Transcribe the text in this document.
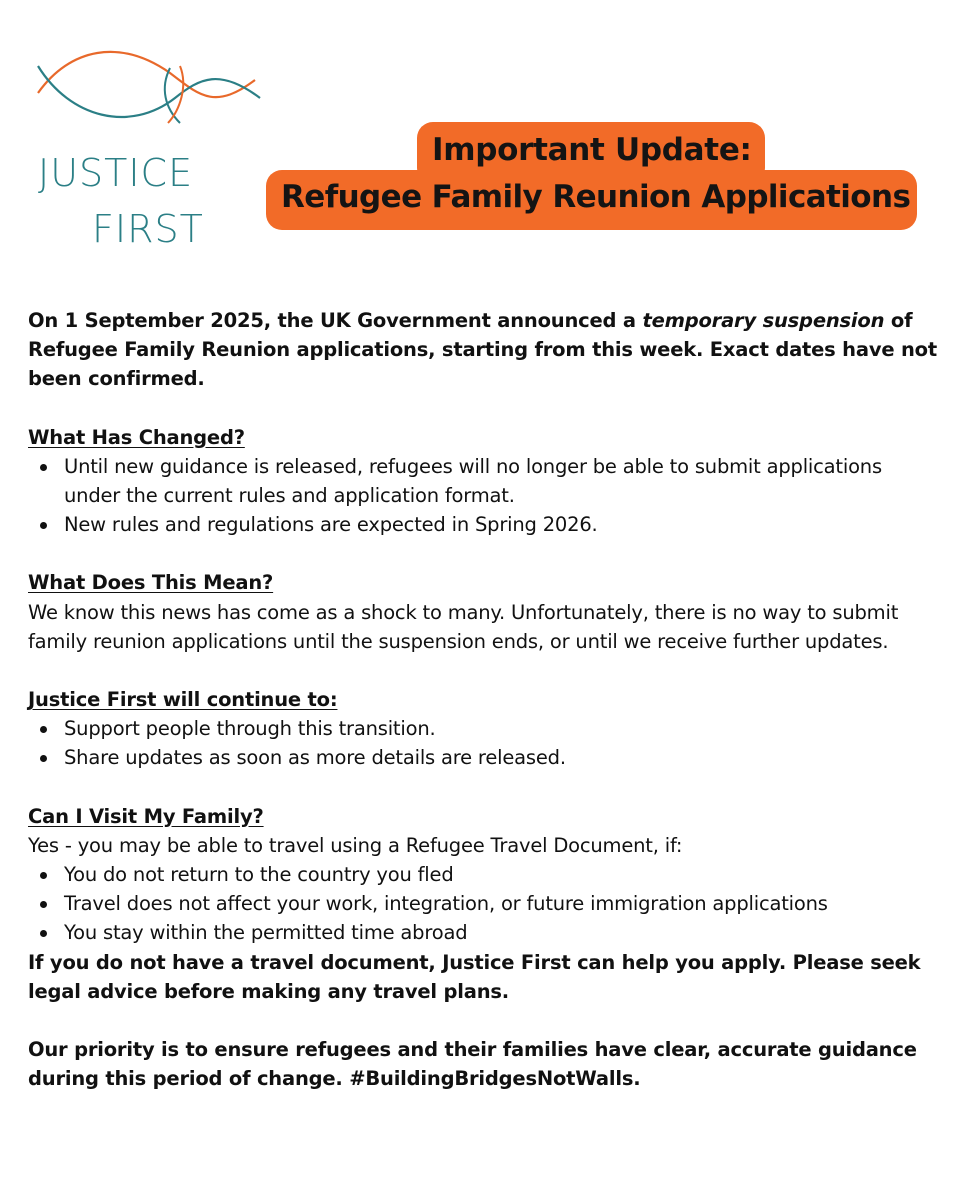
JUSTICE
FIRST
Important Update:
Refugee Family Reunion Applications

On 1 September 2025, the UK Government announced a temporary suspension of Refugee Family Reunion applications, starting from this week. Exact dates have not been confirmed.

What Has Changed?

Until new guidance is released, refugees will no longer be able to submit applications under the current rules and application format.
New rules and regulations are expected in Spring 2026.

What Does This Mean?

We know this news has come as a shock to many. Unfortunately, there is no way to submit family reunion applications until the suspension ends, or until we receive further updates.

Justice First will continue to:

Support people through this transition.
Share updates as soon as more details are released.

Can I Visit My Family?

Yes - you may be able to travel using a Refugee Travel Document, if:

You do not return to the country you fled
Travel does not affect your work, integration, or future immigration applications
You stay within the permitted time abroad

If you do not have a travel document, Justice First can help you apply. Please seek legal advice before making any travel plans.

Our priority is to ensure refugees and their families have clear, accurate guidance during this period of change. #BuildingBridgesNotWalls.
